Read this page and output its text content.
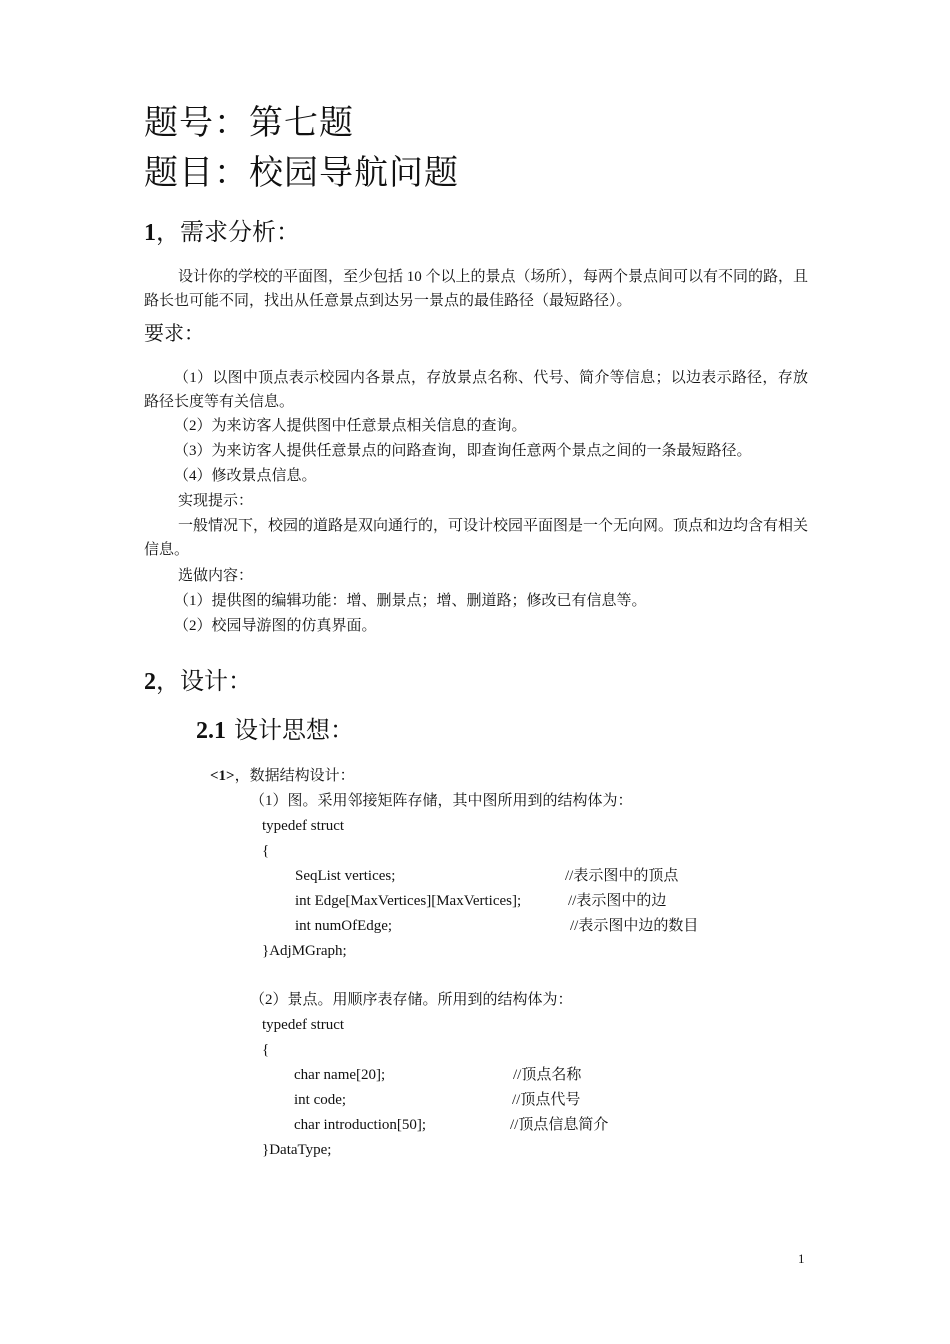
题号：第七题
题目：校园导航问题
1，需求分析：
设计你的学校的平面图，至少包括 10 个以上的景点（场所），每两个景点间可以有不同的路，且路长也可能不同，找出从任意景点到达另一景点的最佳路径（最短路径）。
要求：
（1）以图中顶点表示校园内各景点，存放景点名称、代号、简介等信息；以边表示路径，存放路径长度等有关信息。
（2）为来访客人提供图中任意景点相关信息的查询。
（3）为来访客人提供任意景点的问路查询，即查询任意两个景点之间的一条最短路径。
（4）修改景点信息。
实现提示：
一般情况下，校园的道路是双向通行的，可设计校园平面图是一个无向网。顶点和边均含有相关信息。
选做内容：
（1）提供图的编辑功能：增、删景点；增、删道路；修改已有信息等。
（2）校园导游图的仿真界面。
2，设计：
2.1 设计思想：
<1>，数据结构设计：
（1）图。采用邻接矩阵存储，其中图所用到的结构体为：
typedef struct
{
SeqList vertices;	//表示图中的顶点
int Edge[MaxVertices][MaxVertices];	//表示图中的边
int numOfEdge;	//表示图中边的数目
}AdjMGraph;
（2）景点。用顺序表存储。所用到的结构体为：
typedef struct
{
char name[20];	//顶点名称
int code;	//顶点代号
char introduction[50];	//顶点信息简介
}DataType;
1
